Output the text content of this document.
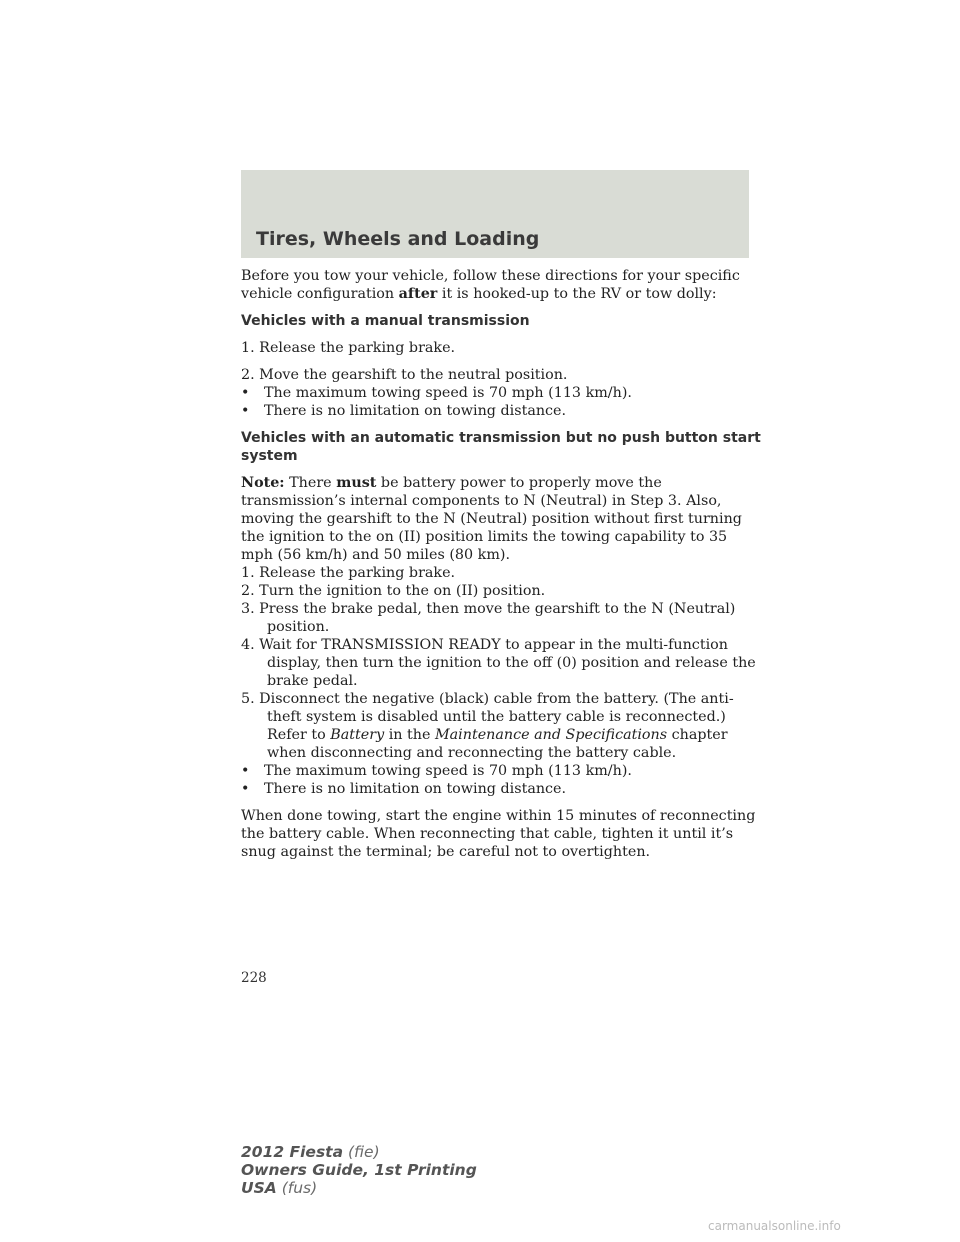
Tires, Wheels and Loading

Before you tow your vehicle, follow these directions for your specific vehicle configuration after it is hooked-up to the RV or tow dolly:

Vehicles with a manual transmission

1. Release the parking brake.

2. Move the gearshift to the neutral position.

• The maximum towing speed is 70 mph (113 km/h).

• There is no limitation on towing distance.

Vehicles with an automatic transmission but no push button start system

Note: There must be battery power to properly move the transmission’s internal components to N (Neutral) in Step 3. Also, moving the gearshift to the N (Neutral) position without first turning the ignition to the on (II) position limits the towing capability to 35 mph (56 km/h) and 50 miles (80 km).

1. Release the parking brake.

2. Turn the ignition to the on (II) position.

3. Press the brake pedal, then move the gearshift to the N (Neutral) position.

4. Wait for TRANSMISSION READY to appear in the multi-function display, then turn the ignition to the off (0) position and release the brake pedal.

5. Disconnect the negative (black) cable from the battery. (The anti-theft system is disabled until the battery cable is reconnected.) Refer to Battery in the Maintenance and Specifications chapter when disconnecting and reconnecting the battery cable.

• The maximum towing speed is 70 mph (113 km/h).

• There is no limitation on towing distance.

When done towing, start the engine within 15 minutes of reconnecting the battery cable. When reconnecting that cable, tighten it until it’s snug against the terminal; be careful not to overtighten.

228
2012 Fiesta (fie)
Owners Guide, 1st Printing
USA (fus)
carmanualsonline.info
